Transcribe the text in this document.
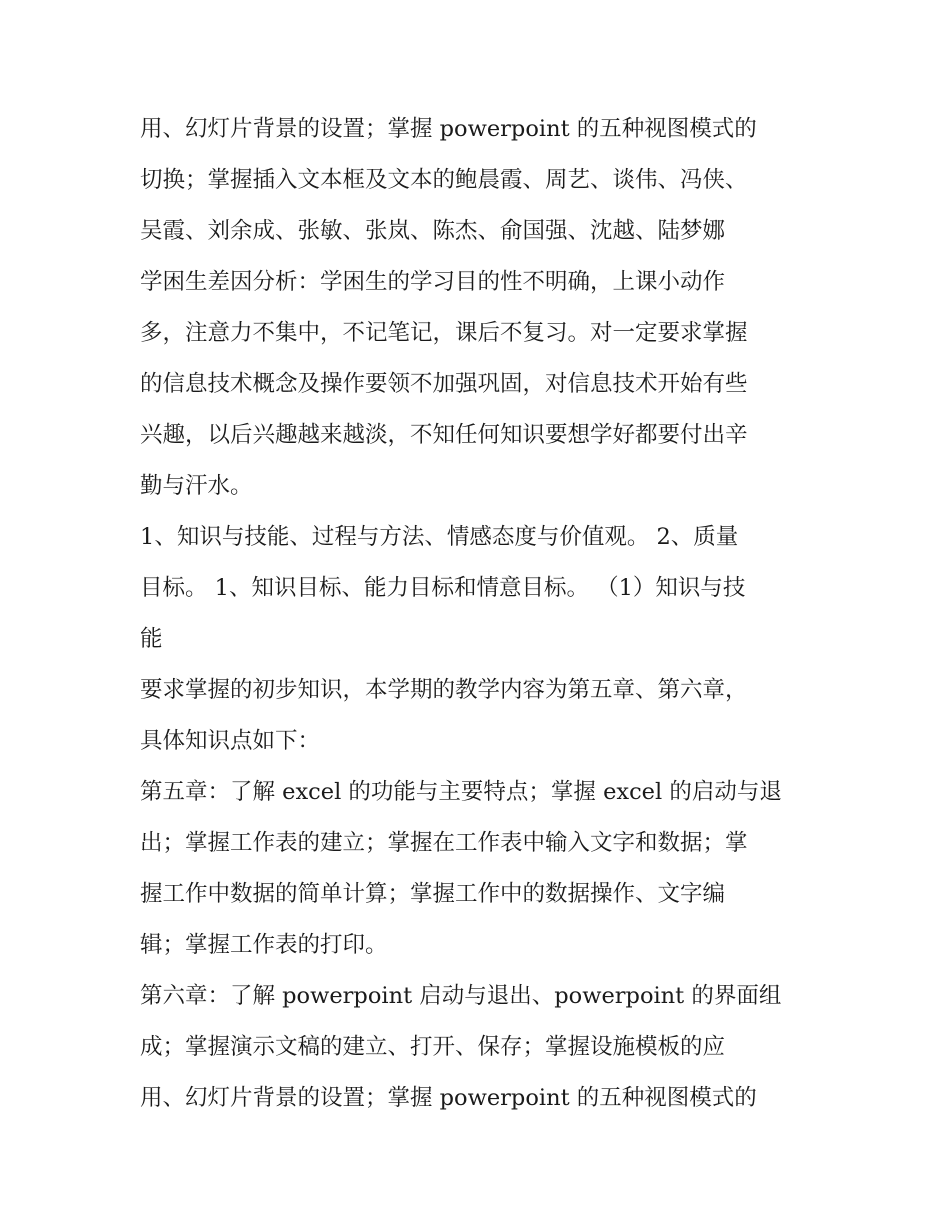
用、幻灯片背景的设置；掌握 powerpoint 的五种视图模式的
切换；掌握插入文本框及文本的鲍晨霞、周艺、谈伟、冯侠、
吴霞、刘余成、张敏、张岚、陈杰、俞国强、沈越、陆梦娜
学困生差因分析：学困生的学习目的性不明确，上课小动作
多，注意力不集中，不记笔记，课后不复习。对一定要求掌握
的信息技术概念及操作要领不加强巩固，对信息技术开始有些
兴趣，以后兴趣越来越淡，不知任何知识要想学好都要付出辛
勤与汗水。
1、知识与技能、过程与方法、情感态度与价值观。 2、质量
目标。 1、知识目标、能力目标和情意目标。 （1）知识与技
能
要求掌握的初步知识，本学期的教学内容为第五章、第六章，
具体知识点如下：
第五章：了解 excel 的功能与主要特点；掌握 excel 的启动与退
出；掌握工作表的建立；掌握在工作表中输入文字和数据；掌
握工作中数据的简单计算；掌握工作中的数据操作、文字编
辑；掌握工作表的打印。
第六章：了解 powerpoint 启动与退出、powerpoint 的界面组
成；掌握演示文稿的建立、打开、保存；掌握设施模板的应
用、幻灯片背景的设置；掌握 powerpoint 的五种视图模式的
